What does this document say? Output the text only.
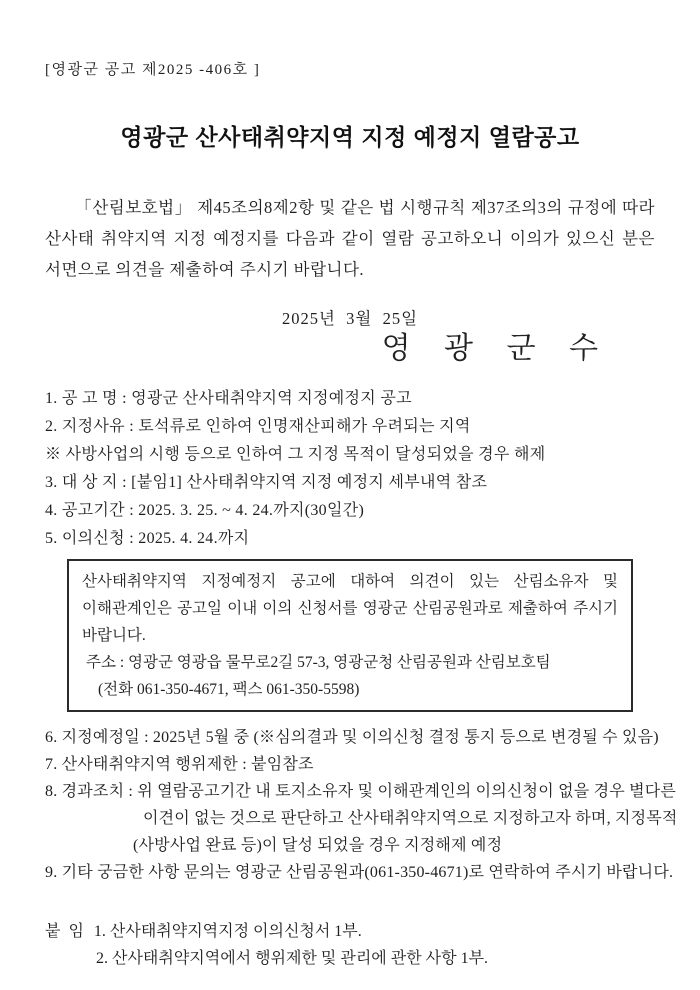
[영광군 공고 제2025 -406호 ]
영광군 산사태취약지역 지정 예정지 열람공고
「산림보호법」 제45조의8제2항 및 같은 법 시행규칙 제37조의3의 규정에 따라 산사태 취약지역 지정 예정지를 다음과 같이 열람 공고하오니 이의가 있으신 분은 서면으로 의견을 제출하여 주시기 바랍니다.
2025년  3월  25일
영 광 군 수
1. 공 고 명 : 영광군 산사태취약지역 지정예정지 공고
2. 지정사유 : 토석류로 인하여 인명재산피해가 우려되는 지역
※ 사방사업의 시행 등으로 인하여 그 지정 목적이 달성되었을 경우 해제
3. 대 상 지 : [붙임1] 산사태취약지역 지정 예정지 세부내역 참조
4. 공고기간 : 2025. 3. 25. ~ 4. 24.까지(30일간)
5. 이의신청 : 2025. 4. 24.까지
산사태취약지역 지정예정지 공고에 대하여 의견이 있는 산림소유자 및 이해관계인은 공고일 이내 이의 신청서를 영광군 산림공원과로 제출하여 주시기 바랍니다.
주소 : 영광군 영광읍 물무로2길 57-3, 영광군청 산림공원과 산림보호팀
(전화 061-350-4671, 팩스 061-350-5598)
6. 지정예정일 : 2025년 5월 중 (※심의결과 및 이의신청 결정 통지 등으로 변경될 수 있음)
7. 산사태취약지역 행위제한 : 붙임참조
8. 경과조치 : 위 열람공고기간 내 토지소유자 및 이해관계인의 이의신청이 없을 경우 별다른
이견이 없는 것으로 판단하고 산사태취약지역으로 지정하고자 하며, 지정목적
(사방사업 완료 등)이 달성 되었을 경우 지정해제 예정
9. 기타 궁금한 사항 문의는 영광군 산림공원과(061-350-4671)로 연락하여 주시기 바랍니다.
붙 임 1. 산사태취약지역지정 이의신청서 1부.
2. 산사태취약지역에서 행위제한 및 관리에 관한 사항 1부.
